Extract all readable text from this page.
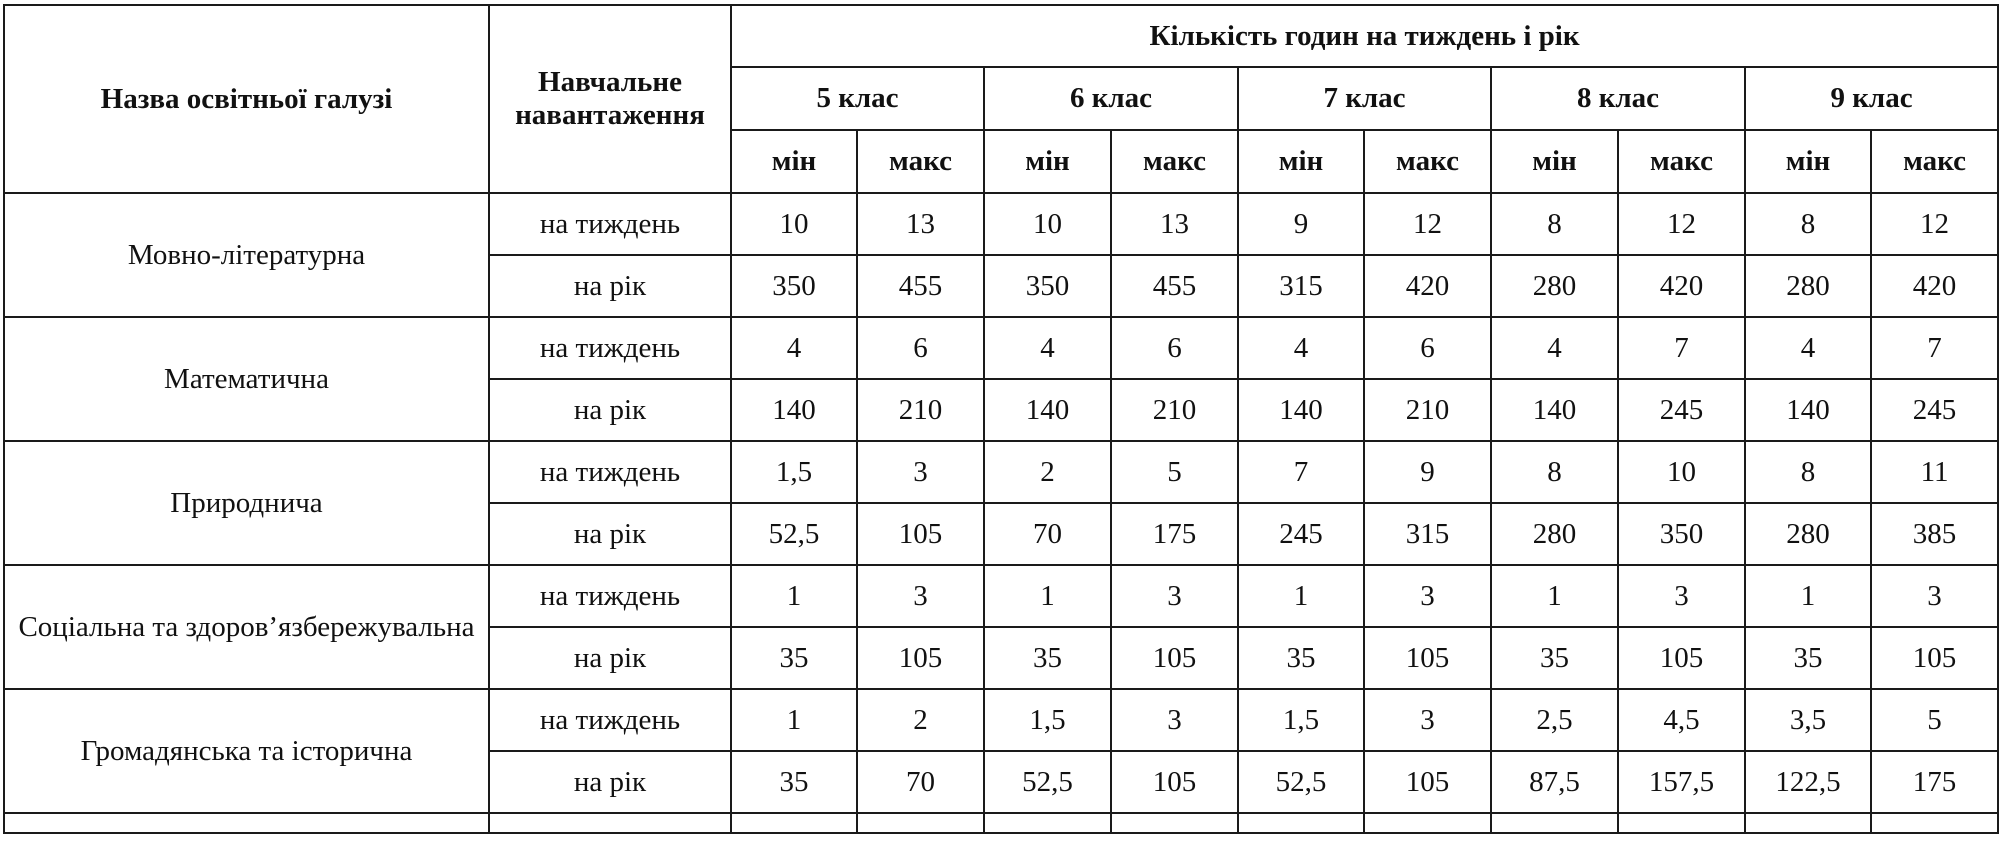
Назва освітньої галузі	Навчальне навантаження	Кількість годин на тиждень і рік									
		5 клас		6 клас		7 клас		8 клас		9 клас	
		мін	макс	мін	макс	мін	макс	мін	макс	мін	макс
Мовно-літературна	на тиждень	10	13	10	13	9	12	8	12	8	12
	на рік	350	455	350	455	315	420	280	420	280	420
Математична	на тиждень	4	6	4	6	4	6	4	7	4	7
	на рік	140	210	140	210	140	210	140	245	140	245
Природнича	на тиждень	1,5	3	2	5	7	9	8	10	8	11
	на рік	52,5	105	70	175	245	315	280	350	280	385
Соціальна та здоров’язбережувальна	на тиждень	1	3	1	3	1	3	1	3	1	3
	на рік	35	105	35	105	35	105	35	105	35	105
Громадянська та історична	на тиждень	1	2	1,5	3	1,5	3	2,5	4,5	3,5	5
	на рік	35	70	52,5	105	52,5	105	87,5	157,5	122,5	175
